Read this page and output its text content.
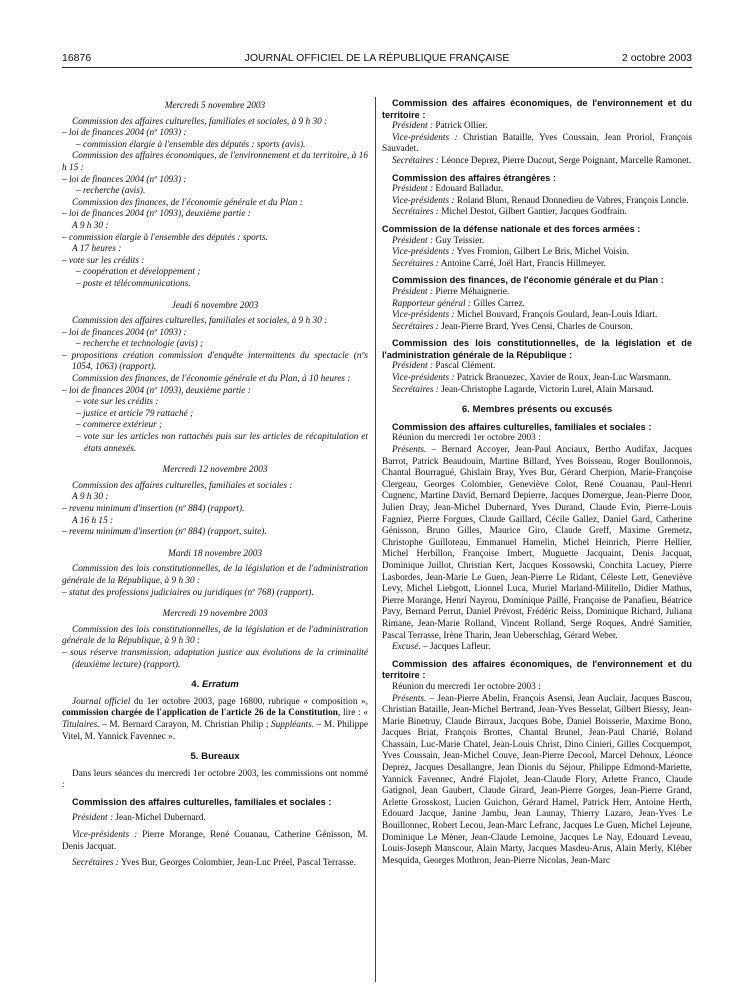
16876	JOURNAL OFFICIEL DE LA RÉPUBLIQUE FRANÇAISE	2 octobre 2003

Mercredi 5 novembre 2003

Commission des affaires culturelles, familiales et sociales, à 9 h 30 :

– loi de finances 2004 (nº 1093) :

– commission élargie à l'ensemble des députés : sports (avis).

Commission des affaires économiques, de l'environnement et du territoire, à 16 h 15 :

– loi de finances 2004 (nº 1093) :

– recherche (avis).

Commission des finances, de l'économie générale et du Plan :

– loi de finances 2004 (nº 1093), deuxième partie :

A 9 h 30 :

– commission élargie à l'ensemble des députés : sports.

A 17 heures :

– vote sur les crédits :

– coopération et développement ;

– poste et télécommunications.

Jeudi 6 novembre 2003

Commission des affaires culturelles, familiales et sociales, à 9 h 30 :

– loi de finances 2004 (nº 1093) :

– recherche et technologie (avis) ;

– propositions création commission d'enquête intermittents du spectacle (nºs 1054, 1063) (rapport).

Commission des finances, de l'économie générale et du Plan, à 10 heures :

– loi de finances 2004 (nº 1093), deuxième partie :

– vote sur les crédits :

– justice et article 79 rattaché ;

– commerce extérieur ;

– vote sur les articles non rattachés puis sur les articles de récapitulation et états annexés.

Mercredi 12 novembre 2003

Commission des affaires culturelles, familiales et sociales :

A 9 h 30 :

– revenu minimum d'insertion (nº 884) (rapport).

A 16 h 15 :

– revenu minimum d'insertion (nº 884) (rapport, suite).

Mardi 18 novembre 2003

Commission des lois constitutionnelles, de la législation et de l'administration générale de la République, à 9 h 30 :

– statut des professions judiciaires ou juridiques (nº 768) (rapport).

Mercredi 19 novembre 2003

Commission des lois constitutionnelles, de la législation et de l'administration générale de la République, à 9 h 30 :

– sous réserve transmission, adaptation justice aux évolutions de la criminalité (deuxième lecture) (rapport).

4. Erratum

Journal officiel du 1er octobre 2003, page 16800, rubrique « composition », commission chargée de l'application de l'article 26 de la Constitution, lire : « Titulaires. – M. Bernard Carayon, M. Christian Philip ; Suppléants. – M. Philippe Vitel, M. Yannick Favennec ».

5. Bureaux

Dans leurs séances du mercredi 1er octobre 2003, les commissions ont nommé :

Commission des affaires culturelles, familiales et sociales :

Président : Jean-Michel Dubernard.

Vice-présidents : Pierre Morange, René Couanau, Catherine Génisson, M. Denis Jacquat.

Secrétaires : Yves Bur, Georges Colombier, Jean-Luc Préel, Pascal Terrasse.

Commission des affaires économiques, de l'environnement et du territoire :

Président : Patrick Ollier.

Vice-présidents : Christian Bataille, Yves Coussain, Jean Proriol, François Sauvadet.

Secrétaires : Léonce Deprez, Pierre Ducout, Serge Poignant, Marcelle Ramonet.

Commission des affaires étrangères :

Président : Edouard Balladur.

Vice-présidents : Roland Blum, Renaud Donnedieu de Vabres, François Loncle.

Secrétaires : Michel Destot, Gilbert Gantier, Jacques Godfrain.

Commission de la défense nationale et des forces armées :

Président : Guy Teissier.

Vice-présidents : Yves Fromion, Gilbert Le Bris, Michel Voisin.

Secrétaires : Antoine Carré, Joël Hart, Francis Hillmeyer.

Commission des finances, de l'économie générale et du Plan :

Président : Pierre Méhaignerie.

Rapporteur général : Gilles Carrez.

Vice-présidents : Michel Bouvard, François Goulard, Jean-Louis Idiart.

Secrétaires : Jean-Pierre Brard, Yves Censi, Charles de Courson.

Commission des lois constitutionnelles, de la législation et de l'administration générale de la République :

Président : Pascal Clément.

Vice-présidents : Patrick Braouezec, Xavier de Roux, Jean-Luc Warsmann.

Secrétaires : Jean-Christophe Lagarde, Victorin Lurel, Alain Marsaud.

6. Membres présents ou excusés

Commission des affaires culturelles, familiales et sociales :

Réunion du mercredi 1er octobre 2003 :

Présents. – Bernard Accoyer, Jean-Paul Anciaux, Bertho Audifax, Jacques Barrot, Patrick Beaudouin, Martine Billard, Yves Boisseau, Roger Boullonnois, Chantal Bourragué, Ghislain Bray, Yves Bur, Gérard Cherpion, Marie-Françoise Clergeau, Georges Colombier, Geneviève Colot, René Couanau, Paul-Henri Cugnenc, Martine David, Bernard Depierre, Jacques Domergue, Jean-Pierre Door, Julien Dray, Jean-Michel Dubernard, Yves Durand, Claude Evin, Pierre-Louis Fagniez, Pierre Forgues, Claude Gaillard, Cécile Gallez, Daniel Gard, Catherine Génisson, Bruno Gilles, Maurice Giro, Claude Greff, Maxime Gremetz, Christophe Guilloteau, Emmanuel Hamelin, Michel Heinrich, Pierre Hellier, Michel Herbillon, Françoise Imbert, Muguette Jacquaint, Denis Jacquat, Dominique Juillot, Christian Kert, Jacques Kossowski, Conchita Lacuey, Pierre Lasbordes, Jean-Marie Le Guen, Jean-Pierre Le Ridant, Céleste Lett, Geneviève Levy, Michel Liebgott, Lionnel Luca, Muriel Marland-Militello, Didier Mathus, Pierre Morange, Henri Nayrou, Dominique Paillé, Françoise de Panafieu, Béatrice Pavy, Bernard Perrut, Daniel Prévost, Frédéric Reiss, Dominique Richard, Juliana Rimane, Jean-Marie Rolland, Vincent Rolland, Serge Roques, André Samitier, Pascal Terrasse, Irène Tharin, Jean Ueberschlag, Gérard Weber.

Excusé. – Jacques Lafleur.

Commission des affaires économiques, de l'environnement et du territoire :

Réunion du mercredi 1er octobre 2003 :

Présents. – Jean-Pierre Abelin, François Asensi, Jean Auclair, Jacques Bascou, Christian Bataille, Jean-Michel Bertrand, Jean-Yves Besselat, Gilbert Biessy, Jean-Marie Binetruy, Claude Birraux, Jacques Bobe, Daniel Boisserie, Maxime Bono, Jacques Briat, François Brottes, Chantal Brunel, Jean-Paul Charié, Roland Chassain, Luc-Marie Chatel, Jean-Louis Christ, Dino Cinieri, Gilles Cocquempot, Yves Coussain, Jean-Michel Couve, Jean-Pierre Decool, Marcel Dehoux, Léonce Deprez, Jacques Desallangre, Jean Dionis du Séjour, Philippe Edmond-Mariette, Yannick Favennec, André Flajolet, Jean-Claude Flory, Arlette Franco, Claude Gatignol, Jean Gaubert, Claude Girard, Jean-Pierre Gorges, Jean-Pierre Grand, Arlette Grosskost, Lucien Guichon, Gérard Hamel, Patrick Herr, Antoine Herth, Edouard Jacque, Janine Jambu, Jean Launay, Thierry Lazaro, Jean-Yves Le Bouillonnec, Robert Lecou, Jean-Marc Lefranc, Jacques Le Guen, Michel Lejeune, Dominique Le Mèner, Jean-Claude Lemoine, Jacques Le Nay, Edouard Leveau, Louis-Joseph Manscour, Alain Marty, Jacques Masdeu-Arus, Alain Merly, Kléber Mesquida, Georges Mothron, Jean-Pierre Nicolas, Jean-Marc
